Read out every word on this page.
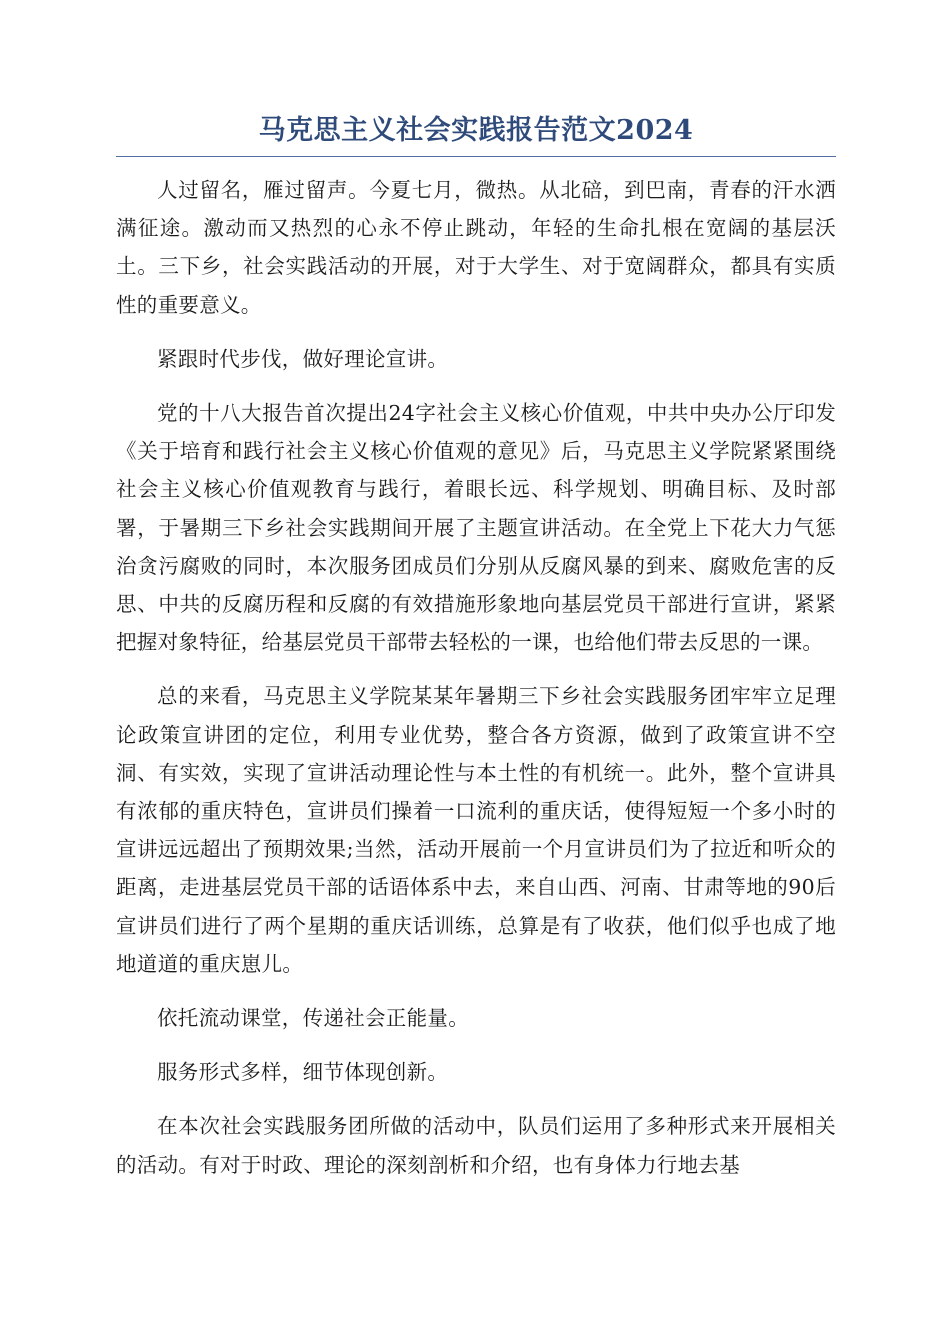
马克思主义社会实践报告范文2024

人过留名，雁过留声。今夏七月，微热。从北碚，到巴南，青春的汗水洒满征途。激动而又热烈的心永不停止跳动，年轻的生命扎根在宽阔的基层沃土。三下乡，社会实践活动的开展，对于大学生、对于宽阔群众，都具有实质性的重要意义。

紧跟时代步伐，做好理论宣讲。

党的十八大报告首次提出24字社会主义核心价值观，中共中央办公厅印发《关于培育和践行社会主义核心价值观的意见》后，马克思主义学院紧紧围绕社会主义核心价值观教育与践行，着眼长远、科学规划、明确目标、及时部署，于暑期三下乡社会实践期间开展了主题宣讲活动。在全党上下花大力气惩治贪污腐败的同时，本次服务团成员们分别从反腐风暴的到来、腐败危害的反思、中共的反腐历程和反腐的有效措施形象地向基层党员干部进行宣讲，紧紧把握对象特征，给基层党员干部带去轻松的一课，也给他们带去反思的一课。

总的来看，马克思主义学院某某年暑期三下乡社会实践服务团牢牢立足理论政策宣讲团的定位，利用专业优势，整合各方资源，做到了政策宣讲不空洞、有实效，实现了宣讲活动理论性与本土性的有机统一。此外，整个宣讲具有浓郁的重庆特色，宣讲员们操着一口流利的重庆话，使得短短一个多小时的宣讲远远超出了预期效果;当然，活动开展前一个月宣讲员们为了拉近和听众的距离，走进基层党员干部的话语体系中去，来自山西、河南、甘肃等地的90后宣讲员们进行了两个星期的重庆话训练，总算是有了收获，他们似乎也成了地地道道的重庆崽儿。

依托流动课堂，传递社会正能量。

服务形式多样，细节体现创新。

在本次社会实践服务团所做的活动中，队员们运用了多种形式来开展相关的活动。有对于时政、理论的深刻剖析和介绍，也有身体力行地去基
